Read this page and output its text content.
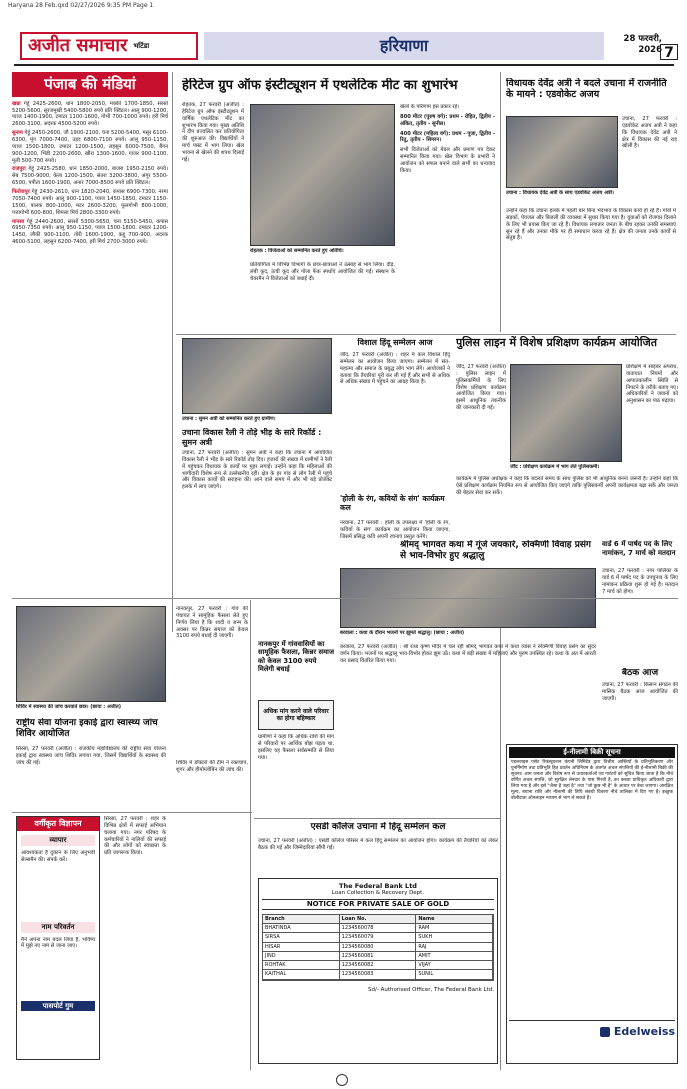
Haryana 28 Feb.qxd 02/27/2026 9:35 PM Page 1
अजीत समाचार भटिंडा	हरियाणा	28 फरवरी, 2026 7
पंजाब की मंडियां

खन्ना गेहूं 2425-2600, धान 1800-2050, मक्की 1700-1850, सरसों 5200-5600, सूरजमुखी 5400-5800 रुपये प्रति क्विंटल। आलू 900-1200, प्याज 1400-1900, टमाटर 1100-1600, गोभी 700-1000 रुपये। हरी मिर्च 2600-3100, अदरक 4500-5200 रुपये।

सुनाम गेहूं 2450-2600, जौ 1900-2100, चना 5200-5400, मसूर 6100-6300, मूंग 7000-7400, उड़द 6800-7100 रुपये। आलू 950-1150, प्याज 1500-1800, टमाटर 1200-1500, लहसुन 6000-7500, बैंगन 900-1200, भिंडी 2200-2600, खीरा 1300-1600, गाजर 900-1100, मूली 500-700 रुपये।

राजपुरा गेहूं 2425-2580, धान 1850-2000, बाजरा 1950-2150 रुपये। सेब 7500-9000, केला 1200-1500, संतरा 3200-3800, अंगूर 5500-6500, पपीता 1600-1900, अनार 7000-8500 रुपये प्रति क्विंटल।

फिरोजपुर गेहूं 2430-2610, धान 1820-2040, कपास 6900-7300, नरमा 7050-7400 रुपये। आलू 900-1100, प्याज 1450-1850, टमाटर 1150-1500, पालक 800-1000, मटर 2600-3200, फूलगोभी 800-1000, पत्तागोभी 600-800, शिमला मिर्च 2800-3300 रुपये।

मानसा गेहूं 2440-2600, सरसों 5300-5650, चना 5150-5450, कपास 6950-7350 रुपये। आलू 950-1150, प्याज 1500-1800, टमाटर 1200-1450, लौकी 900-1100, तोरी 1600-1900, कद्दू 700-900, अदरक 4600-5100, लहसुन 6200-7400, हरी मिर्च 2700-3000 रुपये।

हेरिटेज ग्रुप ऑफ इंस्टीट्यूशन में एथलेटिक मीट का शुभारंभ
रोहतक, 27 फरवरी (अजीत) : हेरिटेज ग्रुप ऑफ इंस्टीट्यूशन में वार्षिक एथलेटिक मीट का शुभारंभ किया गया। मुख्य अतिथि ने दीप प्रज्वलित कर प्रतियोगिता की शुरुआत की। विद्यार्थियों ने मार्च पास्ट में भाग लिया। खेल भावना से खेलने की शपथ दिलाई गई।
रोहतक : विजेताओं को सम्मानित करते हुए अतिथि।
प्रतियोगिता में विभिन्न विभागों के छात्र-छात्राओं ने उत्साह से भाग लिया। दौड़, लंबी कूद, ऊंची कूद और गोला फेंक स्पर्धाएं आयोजित की गईं। संस्थान के चेयरमैन ने विजेताओं को बधाई दी।

खेलों के परिणाम इस प्रकार रहे।

800 मीटर (पुरुष वर्ग): प्रथम - रोहित, द्वितीय - अंकित, तृतीय - सुनील।

400 मीटर (महिला वर्ग): प्रथम - पूजा, द्वितीय - रितु, तृतीय - सिमरन।

सभी विजेताओं को मेडल और प्रमाण पत्र देकर सम्मानित किया गया। खेल विभाग के प्रभारी ने आयोजन को सफल बनाने वाले सभी का धन्यवाद किया।

विधायक देवेंद्र अत्री ने बदले उचाना में राजनीति के मायने : एडवोकेट अजय
उचाना : विधायक देवेंद्र अत्री के साथ एडवोकेट अजय अत्री।
उचाना, 27 फरवरी : एडवोकेट अजय अत्री ने कहा कि विधायक देवेंद्र अत्री ने क्षेत्र में विकास की नई राह खोली है।
उन्होंने कहा कि उचाना हलके में पहली बार बिना भेदभाव के विकास कार्य हो रहे हैं। गांवों में सड़कों, पेयजल और बिजली की व्यवस्था में सुधार किया गया है। युवाओं को रोजगार दिलाने के लिए भी प्रयास किए जा रहे हैं। विधायक लगातार जनता के बीच रहकर उनकी समस्याएं सुन रहे हैं और उनका मौके पर ही समाधान करवा रहे हैं। क्षेत्र की जनता उनके कार्यों से संतुष्ट है।
उचाना : सुमन अत्री को सम्मानित करते हुए ग्रामीण।
उचाना विकास रैली ने तोड़े भीड़ के सारे रिकॉर्ड : सुमन अत्री
उचाना, 27 फरवरी (अजीत) : सुमन अत्री ने कहा कि उचाना में आयोजित विकास रैली ने भीड़ के सारे रिकॉर्ड तोड़ दिए। हजारों की संख्या में ग्रामीणों ने रैली में पहुंचकर विधायक के कार्यों पर मुहर लगाई। उन्होंने कहा कि महिलाओं की भागीदारी विशेष रूप से उल्लेखनीय रही। क्षेत्र के हर गांव से लोग रैली में पहुंचे और विकास कार्यों की सराहना की। आने वाले समय में और भी बड़े प्रोजेक्ट हलके में लाए जाएंगे।
विशाल हिंदू सम्मेलन आज
जींद, 27 फरवरी (अजीत) : शहर में कल विशाल हिंदू सम्मेलन का आयोजन किया जाएगा। सम्मेलन में संत-महात्मा और समाज के प्रबुद्ध लोग भाग लेंगे। आयोजकों ने बताया कि तैयारियां पूरी कर ली गई हैं और सभी से अधिक से अधिक संख्या में पहुंचने का आग्रह किया है।
'होली के रंग, कवियों के संग' कार्यक्रम कल
नरवाना, 27 फरवरी : होली के उपलक्ष्य में 'होली के रंग, कवियों के संग' कार्यक्रम का आयोजन किया जाएगा, जिसमें प्रसिद्ध कवि अपनी रचनाएं प्रस्तुत करेंगे।
पुलिस लाइन में विशेष प्रशिक्षण कार्यक्रम आयोजित
जींद, 27 फरवरी (अजीत) : पुलिस लाइन में पुलिसकर्मियों के लिए विशेष प्रशिक्षण कार्यक्रम आयोजित किया गया। इसमें आधुनिक तकनीक की जानकारी दी गई।
जींद : प्रशिक्षण कार्यक्रम में भाग लेते पुलिसकर्मी।
प्रशिक्षण में साइबर अपराध, यातायात नियमों और आपातकालीन स्थिति से निपटने के तरीके बताए गए। अधिकारियों ने जवानों को अनुशासन का पाठ पढ़ाया।
कार्यक्रम में पुलिस अधीक्षक ने कहा कि बदलते समय के साथ पुलिस को भी आधुनिक बनना जरूरी है। उन्होंने कहा कि ऐसे प्रशिक्षण कार्यक्रम नियमित रूप से आयोजित किए जाएंगे ताकि पुलिसकर्मी अपनी कार्यक्षमता बढ़ा सकें और जनता की बेहतर सेवा कर सकें।
श्रीमद् भागवत कथा में गूंजे जयकारे, रुक्मिणी विवाह प्रसंग से भाव-विभोर हुए श्रद्धालु
बरवाला : कथा के दौरान भजनों पर झूमते श्रद्धालु। (छाया : अजीत)
बरवाला, 27 फरवरी (अजीत) : श्री राधा कृष्ण मंदिर में चल रही श्रीमद् भागवत कथा में कथा व्यास ने रुक्मिणी विवाह प्रसंग का सुंदर वर्णन किया। भजनों पर श्रद्धालु भाव-विभोर होकर झूम उठे। कथा में बड़ी संख्या में महिलाएं और पुरुष उपस्थित रहे। कथा के अंत में आरती कर प्रसाद वितरित किया गया।
वार्ड 6 में पार्षद पद के लिए नामांकन, 7 मार्च को मतदान
उचाना, 27 फरवरी : नगर पालिका के वार्ड 6 में पार्षद पद के उपचुनाव के लिए नामांकन प्रक्रिया शुरू हो गई है। मतदान 7 मार्च को होगा।
बैठक आज
उचाना, 27 फरवरी : किसान संगठन की मासिक बैठक आज आयोजित की जाएगी।
नानकपुर में गांववासियों का सामूहिक फैसला, किन्नर समाज को केवल 3100 रुपये मिलेगी बधाई
नानकपुर, 27 फरवरी : गांव की पंचायत ने सामूहिक फैसला लेते हुए निर्णय लिया है कि शादी व जन्म के अवसर पर किन्नर समाज को केवल 3100 रुपये बधाई दी जाएगी।
अधिक मांग करने वाले परिवार का होगा बहिष्कार
ग्रामीणों ने कहा कि अधिक राशि की मांग से परिवारों पर आर्थिक बोझ पड़ता था, इसलिए यह फैसला सर्वसम्मति से लिया गया।
शिविर में स्वास्थ्य की जांच करवाते छात्र। (छाया : अजीत)
राष्ट्रीय सेवा योजना इकाई द्वारा स्वास्थ्य जांच शिविर आयोजित
सिरसा, 27 फरवरी (अजीत) : राजकीय महाविद्यालय की राष्ट्रीय सेवा योजना इकाई द्वारा स्वास्थ्य जांच शिविर लगाया गया, जिसमें विद्यार्थियों के स्वास्थ्य की जांच की गई।	शिविर में डॉक्टरों की टीम ने रक्तचाप, शुगर और हीमोग्लोबिन की जांच की।
वर्गीकृत विज्ञापन
व्यापार
आवश्यकता है दुकान के लिए अनुभवी सेल्समैन की। संपर्क करें।
नाम परिवर्तन
मैंने अपना नाम बदल लिया है, भविष्य में मुझे नए नाम से जाना जाए।
पासपोर्ट गुम
सिरसा, 27 फरवरी : शहर के विभिन्न क्षेत्रों में सफाई अभियान चलाया गया। नगर परिषद के कर्मचारियों ने नालियों की सफाई की और लोगों को स्वच्छता के प्रति जागरूक किया।
एसडी कॉलेज उचाना में हिंदू सम्मेलन कल
उचाना, 27 फरवरी (अजीत) : एसडी कॉलेज परिसर में कल हिंदू सम्मेलन का आयोजन होगा। कार्यक्रम की तैयारियों को लेकर बैठक की गई और जिम्मेदारियां सौंपी गईं।
The Federal Bank Ltd
Loan Collection & Recovery Dept.
NOTICE FOR PRIVATE SALE OF GOLD
Branch	Loan No.	Name
BHATINDA	1234560078	RAM
SIRSA	1234560079	SUKH
HISAR	1234560080	RAJ
JIND	1234560081	AMIT
ROHTAK	1234560082	VIJAY
KAITHAL	1234560083	SUNIL
Sd/- Authorised Officer, The Federal Bank Ltd.
ई-नीलामी बिक्री सूचना
एडलवाइस एसेट रिकंस्ट्रक्शन कंपनी लिमिटेड द्वारा वित्तीय आस्तियों के प्रतिभूतिकरण और पुनर्निर्माण तथा प्रतिभूति हित प्रवर्तन अधिनियम के अंतर्गत अचल संपत्तियों की ई-नीलामी बिक्री की सूचना। आम जनता और विशेष रूप से उधारकर्ताओं एवं गारंटरों को सूचित किया जाता है कि नीचे वर्णित अचल संपत्ति, जो सुरक्षित लेनदार के पास गिरवी है, का कब्जा प्राधिकृत अधिकारी द्वारा लिया गया है और इसे "जैसा है जहां है" तथा "जो कुछ भी है" के आधार पर बेचा जाएगा। आरक्षित मूल्य, बयाना राशि और नीलामी की तिथि संबंधी विवरण नीचे तालिका में दिए गए हैं। इच्छुक बोलीदाता ऑनलाइन माध्यम से भाग ले सकते हैं।
Edelweiss
